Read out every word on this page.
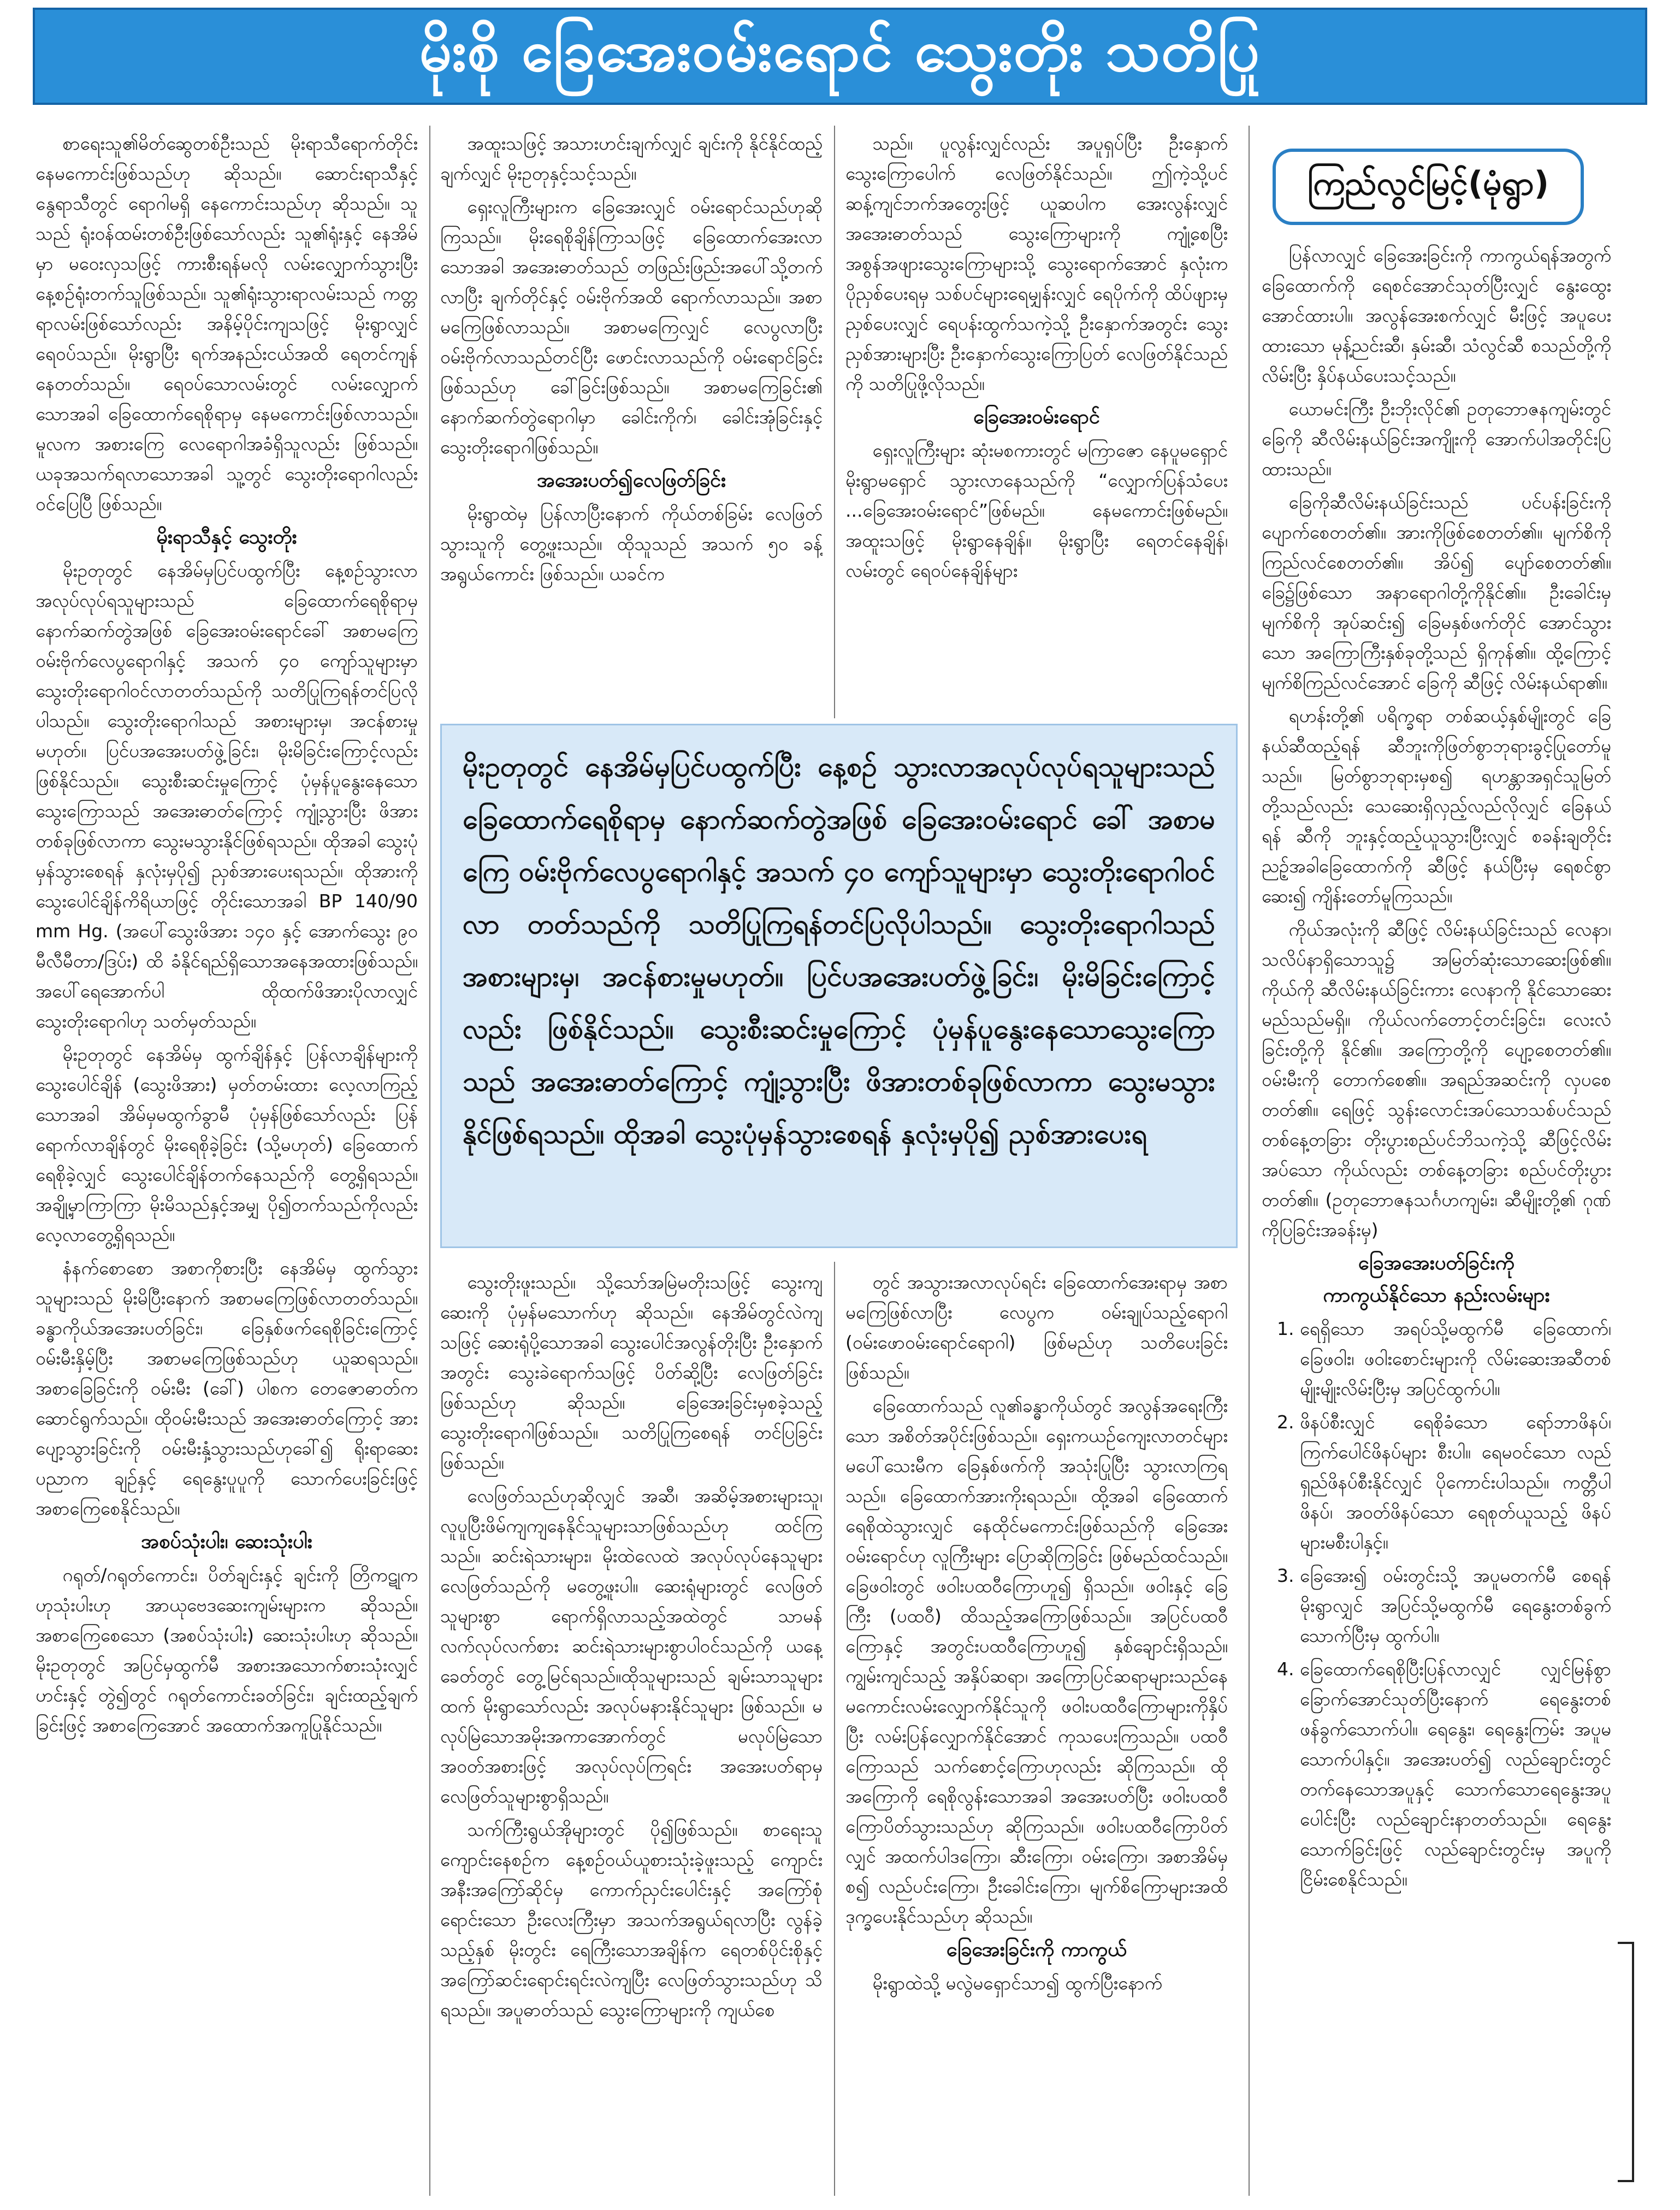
မိုးစို ခြေအေးဝမ်းရောင် သွေးတိုး သတိပြု
ကြည်လွင်မြင့်(မုံရွာ)

စာရေးသူ၏မိတ်ဆွေတစ်ဦးသည် မိုးရာသီရောက်တိုင်း နေမကောင်းဖြစ်သည်ဟု ဆိုသည်။ ဆောင်းရာသီနှင့် နွေရာသီတွင် ရောဂါမရှိ နေကောင်းသည်ဟု ဆိုသည်။ သူသည် ရုံးဝန်ထမ်းတစ်ဦးဖြစ်သော်လည်း သူ၏ရုံးနှင့် နေအိမ်မှာ မဝေးလှသဖြင့် ကားစီးရန်မလို လမ်းလျှောက်သွားပြီး နေ့စဉ်ရုံးတက်သူဖြစ်သည်။ သူ၏ရုံးသွားရာလမ်းသည် ကတ္တရာလမ်းဖြစ်သော်လည်း အနိမ့်ပိုင်းကျသဖြင့် မိုးရွာလျှင် ရေဝပ်သည်။ မိုးရွာပြီး ရက်အနည်းငယ်အထိ ရေတင်ကျန်နေတတ်သည်။ ရေဝပ်သောလမ်းတွင် လမ်းလျှောက်သောအခါ ခြေထောက်ရေစိုရာမှ နေမကောင်းဖြစ်လာသည်။ မူလက အစားကြေ လေရောဂါအခံရှိသူလည်း ဖြစ်သည်။ ယခုအသက်ရလာသောအခါ သူ့တွင် သွေးတိုးရောဂါလည်း ဝင်ပြေပြီ ဖြစ်သည်။

မိုးရာသီနှင့် သွေးတိုး

မိုးဥတုတွင် နေအိမ်မှပြင်ပထွက်ပြီး နေ့စဉ်သွားလာအလုပ်လုပ်ရသူများသည် ခြေထောက်ရေစိုရာမှ နောက်ဆက်တွဲအဖြစ် ခြေအေးဝမ်းရောင်ခေါ် အစာမကြေ ဝမ်းဗိုက်လေပွရောဂါနှင့် အသက် ၄၀ ကျော်သူများမှာ သွေးတိုးရောဂါဝင်လာတတ်သည်ကို သတိပြုကြရန်တင်ပြလိုပါသည်။ သွေးတိုးရောဂါသည် အစားများမှ၊ အငန်စားမှုမဟုတ်။ ပြင်ပအအေးပတ်ဖွဲ့ခြင်း၊ မိုးမိခြင်းကြောင့်လည်း ဖြစ်နိုင်သည်။ သွေးစီးဆင်းမှုကြောင့် ပုံမှန်ပူနွေးနေသော သွေးကြောသည် အအေးဓာတ်ကြောင့် ကျုံ့သွားပြီး ဖိအားတစ်ခုဖြစ်လာကာ သွေးမသွားနိုင်ဖြစ်ရသည်။ ထိုအခါ သွေးပုံမှန်သွားစေရန် နှလုံးမှပို၍ ညှစ်အားပေးရသည်။ ထိုအားကို သွေးပေါင်ချိန်ကိရိယာဖြင့် တိုင်းသောအခါ BP 140/90 mm Hg. (အပေါ်သွေးဖိအား ၁၄၀ နှင့် အောက်သွေး ၉၀ မီလီမီတာ/ဒြပ်း) ထိ ခံနိုင်ရည်ရှိသောအနေအထားဖြစ်သည်။ အပေါ်ရေအောက်ပါ ထိုထက်ဖိအားပိုလာလျှင် သွေးတိုးရောဂါဟု သတ်မှတ်သည်။

မိုးဥတုတွင် နေအိမ်မှ ထွက်ချိန်နှင့် ပြန်လာချိန်များကို သွေးပေါင်ချိန် (သွေးဖိအား) မှတ်တမ်းထား လေ့လာကြည့်သောအခါ အိမ်မှမထွက်ခွာမီ ပုံမှန်ဖြစ်သော်လည်း ပြန်ရောက်လာချိန်တွင် မိုးရေစိုခဲ့ခြင်း (သို့မဟုတ်) ခြေထောက်ရေစိုခဲ့လျှင် သွေးပေါင်ချိန်တက်နေသည်ကို တွေ့ရှိရသည်။ အချို့မှာကြာကြာ မိုးမိသည်နှင့်အမျှ ပို၍တက်သည်ကိုလည်း လေ့လာတွေ့ရှိရသည်။

နံနက်စောစော အစာကိုစားပြီး နေအိမ်မှ ထွက်သွားသူများသည် မိုးမိပြီးနောက် အစာမကြေဖြစ်လာတတ်သည်။ ခန္ဓာကိုယ်အအေးပတ်ခြင်း၊ ခြေနှစ်ဖက်ရေစိုခြင်းကြောင့် ဝမ်းမီးနှိမ့်ပြီး အစာမကြေဖြစ်သည်ဟု ယူဆရသည်။ အစာခြေခြင်းကို ဝမ်းမီး (ခေါ်) ပါစက တေဇောဓာတ်က ဆောင်ရွက်သည်။ ထိုဝမ်းမီးသည် အအေးဓာတ်ကြောင့် အားပျော့သွားခြင်းကို ဝမ်းမီးနှံ့သွားသည်ဟုခေါ်၍ ရိုးရာဆေးပညာက ချဉ်နှင့် ရေနွေးပူပူကို သောက်ပေးခြင်းဖြင့် အစာကြေစေနိုင်သည်။

အစပ်သုံးပါး၊ ဆေးသုံးပါး

ဂရုတ်/ဂရုတ်ကောင်း၊ ပိတ်ချင်းနှင့် ချင်းကို တြိကဋုကဟုသုံးပါးဟု အာယုဗေဒဆေးကျမ်းများက ဆိုသည်။ အစာကြေစေသော (အစပ်သုံးပါး) ဆေးသုံးပါးဟု ဆိုသည်။ မိုးဥတုတွင် အပြင်မှထွက်မီ အစားအသောက်စားသုံးလျှင် ဟင်းနှင့် တွဲ၍တွင် ဂရုတ်ကောင်းခတ်ခြင်း၊ ချင်းထည့်ချက်ခြင်းဖြင့် အစာကြေအောင် အထောက်အကူပြုနိုင်သည်။

အထူးသဖြင့် အသားဟင်းချက်လျှင် ချင်းကို နိုင်နိုင်ထည့်ချက်လျှင် မိုးဥတုနှင့်သင့်သည်။

ရှေးလူကြီးများက ခြေအေးလျှင် ဝမ်းရောင်သည်ဟုဆိုကြသည်။ မိုးရေစိုချိန်ကြာသဖြင့် ခြေထောက်အေးလာသောအခါ အအေးဓာတ်သည် တဖြည်းဖြည်းအပေါ်သို့တက်လာပြီး ချက်တိုင်နှင့် ဝမ်းဗိုက်အထိ ရောက်လာသည်။ အစာမကြေဖြစ်လာသည်။ အစာမကြေလျှင် လေပွလာပြီး ဝမ်းဗိုက်လာသည်တင်ပြီး ဖောင်းလာသည်ကို ဝမ်းရောင်ခြင်းဖြစ်သည်ဟု ခေါ်ခြင်းဖြစ်သည်။ အစာမကြေခြင်း၏ နောက်ဆက်တွဲရောဂါမှာ ခေါင်းကိုက်၊ ခေါင်းအုံခြင်းနှင့် သွေးတိုးရောဂါဖြစ်သည်။

အအေးပတ်၍လေဖြတ်ခြင်း

မိုးရွာထဲမှ ပြန်လာပြီးနောက် ကိုယ်တစ်ခြမ်း လေဖြတ်သွားသူကို တွေ့ဖူးသည်။ ထိုသူသည် အသက် ၅၀ ခန့် အရွယ်ကောင်း ဖြစ်သည်။ ယခင်က

သည်။ ပူလွန်းလျှင်လည်း အပူရှပ်ပြီး ဦးနှောက်သွေးကြောပေါက် လေဖြတ်နိုင်သည်။ ဤကဲ့သို့ပင် ဆန့်ကျင်ဘက်အတွေးဖြင့် ယူဆပါက အေးလွန်းလျှင် အအေးဓာတ်သည် သွေးကြောများကို ကျုံ့စေပြီး အစွန်အဖျားသွေးကြောများသို့ သွေးရောက်အောင် နှလုံးက ပိုညှစ်ပေးရမှ သစ်ပင်များရေမျှန်းလျှင် ရေပိုက်ကို ထိပ်ဖျားမှညှစ်ပေးလျှင် ရေပန်းထွက်သကဲ့သို့ ဦးနှောက်အတွင်း သွေးညှစ်အားများပြီး ဦးနှောက်သွေးကြောပြတ် လေဖြတ်နိုင်သည်ကို သတိပြုဖို့လိုသည်။

ခြေအေးဝမ်းရောင်

ရှေးလူကြီးများ ဆုံးမစကားတွင် မကြာဇော နေပူမရှောင် မိုးရွာမရှောင် သွားလာနေသည်ကို “လျှောက်ပြန်သံပေး ...ခြေအေးဝမ်းရောင်”ဖြစ်မည်။ နေမကောင်းဖြစ်မည်။ အထူးသဖြင့် မိုးရွာနေချိန်။ မိုးရွာပြီး ရေတင်နေချိန်၊ လမ်းတွင် ရေဝပ်နေချိန်များ

မိုးဥတုတွင် နေအိမ်မှပြင်ပထွက်ပြီး နေ့စဉ် သွားလာအလုပ်လုပ်ရသူများသည် ခြေထောက်ရေစိုရာမှ နောက်ဆက်တွဲအဖြစ် ခြေအေးဝမ်းရောင် ခေါ် အစာမကြေ ဝမ်းဗိုက်လေပွရောဂါနှင့် အသက် ၄၀ ကျော်သူများမှာ သွေးတိုးရောဂါဝင်လာ တတ်သည်ကို သတိပြုကြရန်တင်ပြလိုပါသည်။ သွေးတိုးရောဂါသည် အစားများမှ၊ အငန်စားမှုမဟုတ်။ ပြင်ပအအေးပတ်ဖွဲ့ခြင်း၊ မိုးမိခြင်းကြောင့်လည်း ဖြစ်နိုင်သည်။ သွေးစီးဆင်းမှုကြောင့် ပုံမှန်ပူနွေးနေသောသွေးကြောသည် အအေးဓာတ်ကြောင့် ကျုံ့သွားပြီး ဖိအားတစ်ခုဖြစ်လာကာ သွေးမသွား နိုင်ဖြစ်ရသည်။ ထိုအခါ သွေးပုံမှန်သွားစေရန် နှလုံးမှပို၍ ညှစ်အားပေးရ

သွေးတိုးဖူးသည်။ သို့သော်အမြဲမတိုးသဖြင့် သွေးကျဆေးကို ပုံမှန်မသောက်ဟု ဆိုသည်။ နေအိမ်တွင်လဲကျသဖြင့် ဆေးရုံပို့သောအခါ သွေးပေါင်အလွန်တိုးပြီး ဦးနှောက်အတွင်း သွေးခဲရောက်သဖြင့် ပိတ်ဆို့ပြီး လေဖြတ်ခြင်းဖြစ်သည်ဟု ဆိုသည်။ ခြေအေးခြင်းမှစခဲ့သည့် သွေးတိုးရောဂါဖြစ်သည်။ သတိပြုကြစေရန် တင်ပြခြင်းဖြစ်သည်။

လေဖြတ်သည်ဟုဆိုလျှင် အဆီ၊ အဆိမ့်အစားများသူ၊ လူပူပြီးဖိမ်ကျကျနေနိုင်သူများသာဖြစ်သည်ဟု ထင်ကြသည်။ ဆင်းရဲသားများ၊ မိုးထဲလေထဲ အလုပ်လုပ်နေသူများ လေဖြတ်သည်ကို မတွေ့ဖူးပါ။ ဆေးရုံများတွင် လေဖြတ်သူများစွာ ရောက်ရှိလာသည့်အထဲတွင် သာမန်လက်လုပ်လက်စား ဆင်းရဲသားများစွာပါဝင်သည်ကို ယနေ့ခေတ်တွင် တွေ့မြင်ရသည်။ထိုသူများသည် ချမ်းသာသူများထက် မိုးရွာသော်လည်း အလုပ်မနားနိုင်သူများ ဖြစ်သည်။ မလုပ်မြဲသောအမိုးအကာအောက်တွင် မလုပ်မြဲသော အဝတ်အစားဖြင့် အလုပ်လုပ်ကြရင်း အအေးပတ်ရာမှ လေဖြတ်သူများစွာရှိသည်။

သက်ကြီးရွယ်အိုများတွင် ပို၍ဖြစ်သည်။ စာရေးသူကျောင်းနေစဉ်က နေ့စဉ်ဝယ်ယူစားသုံးခဲ့ဖူးသည့် ကျောင်းအနီးအကြော်ဆိုင်မှ ကောက်ညှင်းပေါင်းနှင့် အကြော်စုံရောင်းသော ဦးလေးကြီးမှာ အသက်အရွယ်ရလာပြီး လွန်ခဲ့သည့်နှစ် မိုးတွင်း ရေကြီးသောအချိန်က ရေတစ်ပိုင်းစိုနှင့် အကြော်ဆင်းရောင်းရင်းလဲကျပြီး လေဖြတ်သွားသည်ဟု သိရသည်။ အပူဓာတ်သည် သွေးကြောများကို ကျယ်စေ

တွင် အသွားအလာလုပ်ရင်း ခြေထောက်အေးရာမှ အစာမကြေဖြစ်လာပြီး လေပွက ဝမ်းချုပ်သည့်ရောဂါ (ဝမ်းဖောဝမ်းရောင်ရောဂါ) ဖြစ်မည်ဟု သတိပေးခြင်းဖြစ်သည်။

ခြေထောက်သည် လူ၏ခန္ဓာကိုယ်တွင် အလွန်အရေးကြီးသော အစိတ်အပိုင်းဖြစ်သည်။ ရှေးကယဉ်ကျေးလာတင်များမပေါ်သေးမီက ခြေနှစ်ဖက်ကို အသုံးပြုပြီး သွားလာကြရသည်။ ခြေထောက်အားကိုးရသည်။ ထို့အခါ ခြေထောက်ရေစိုထဲသွားလျှင် နေထိုင်မကောင်းဖြစ်သည်ကို ခြေအေးဝမ်းရောင်ဟု လူကြီးများ ပြောဆိုကြခြင်း ဖြစ်မည်ထင်သည်။ ခြေဖဝါးတွင် ဖဝါးပထဝီကြောဟူ၍ ရှိသည်။ ဖဝါးနှင့် ခြေကြီး (ပထဝီ) ထိသည့်အကြောဖြစ်သည်။ အပြင်ပထဝီ ကြောနှင့် အတွင်းပထဝီကြောဟူ၍ နှစ်ချောင်းရှိသည်။ ကျွမ်းကျင်သည့် အနှိပ်ဆရာ၊ အကြောပြင်ဆရာများသည်နေမကောင်းလမ်းလျှောက်နိုင်သူကို ဖဝါးပထဝီကြောများကိုနှိပ်ပြီး လမ်းပြန်လျှောက်နိုင်အောင် ကုသပေးကြသည်။ ပထဝီကြောသည် သက်စောင့်ကြောဟုလည်း ဆိုကြသည်။ ထိုအကြောကို ရေစိုလွန်းသောအခါ အအေးပတ်ပြီး ဖဝါးပထဝီကြောပိတ်သွားသည်ဟု ဆိုကြသည်။ ဖဝါးပထဝီကြောပိတ်လျှင် အထက်ပါဒကြော၊ ဆီးကြော၊ ဝမ်းကြော၊ အစာအိမ်မှစ၍ လည်ပင်းကြော၊ ဦးခေါင်းကြော၊ မျက်စိကြောများအထိ ဒုက္ခပေးနိုင်သည်ဟု ဆိုသည်။

ခြေအေးခြင်းကို ကာကွယ်

မိုးရွာထဲသို့ မလွဲမရှောင်သာ၍ ထွက်ပြီးနောက်

ပြန်လာလျှင် ခြေအေးခြင်းကို ကာကွယ်ရန်အတွက် ခြေထောက်ကို ရေစင်အောင်သုတ်ပြီးလျှင် နွေးထွေးအောင်ထားပါ။ အလွန်အေးစက်လျှင် မီးဖြင့် အပူပေးထားသော မုန့်ညင်းဆီ၊ နှမ်းဆီ၊ သံလွင်ဆီ စသည်တို့ကိုလိမ်းပြီး နှိပ်နယ်ပေးသင့်သည်။

ယောမင်းကြီး ဦးဘိုးလိုင်၏ ဥတုဘောဇနကျမ်းတွင် ခြေကို ဆီလိမ်းနယ်ခြင်းအကျိုးကို အောက်ပါအတိုင်းပြထားသည်။

ခြေကိုဆီလိမ်းနယ်ခြင်းသည် ပင်ပန်းခြင်းကို ပျောက်စေတတ်၏။ အားကိုဖြစ်စေတတ်၏။ မျက်စိကိုကြည်လင်စေတတ်၏။ အိပ်၍ ပျော်စေတတ်၏။ ခြေ၌ဖြစ်သော အနာရောဂါတို့ကိုနိုင်၏။ ဦးခေါင်းမှမျက်စိကို အုပ်ဆင်း၍ ခြေမနှစ်ဖက်တိုင် အောင်သွားသော အကြောကြီးနှစ်ခုတို့သည် ရှိကုန်၏။ ထို့ကြောင့် မျက်စိကြည်လင်အောင် ခြေကို ဆီဖြင့် လိမ်းနယ်ရာ၏။

ရဟန်းတို့၏ ပရိက္ခရာ တစ်ဆယ့်နှစ်မျိုးတွင် ခြေနယ်ဆီထည့်ရန် ဆီဘူးကိုဖြတ်စွာဘုရားခွင့်ပြုတော်မူသည်။ မြတ်စွာဘုရားမှစ၍ ရဟန္တာအရှင်သူမြတ်တို့သည်လည်း သေဆေးရှိလှည့်လည်လိုလျှင် ခြေနယ်ရန် ဆီကို ဘူးနှင့်ထည့်ယူသွားပြီးလျှင် စခန်းချတိုင်း ညဉ့်အခါခြေထောက်ကို ဆီဖြင့် နယ်ပြီးမှ ရေစင်စွာဆေး၍ ကျိန်းတော်မူကြသည်။

ကိုယ်အလုံးကို ဆီဖြင့် လိမ်းနယ်ခြင်းသည် လေနာ၊ သလိပ်နာရှိသောသူ၌ အမြတ်ဆုံးသောဆေးဖြစ်၏။ ကိုယ်ကို ဆီလိမ်းနယ်ခြင်းကား လေနာကို နိုင်သောဆေးမည်သည်မရှိ။ ကိုယ်လက်တောင့်တင်းခြင်း၊ လေးလံခြင်းတို့ကို နိုင်၏။ အကြောတို့ကို ပျော့စေတတ်၏။ ဝမ်းမီးကို တောက်စေ၏။ အရည်အဆင်းကို လှပစေတတ်၏။ ရေဖြင့် သွန်းလောင်းအပ်သောသစ်ပင်သည် တစ်နေ့တခြား တိုးပွားစည်ပင်ဘိသကဲ့သို့ ဆီဖြင့်လိမ်းအပ်သော ကိုယ်လည်း တစ်နေ့တခြား စည်ပင်တိုးပွားတတ်၏။ (ဥတုဘောဇနသင်္ဂဟကျမ်း၊ ဆီမျိုးတို့၏ ဂုဏ်ကိုပြခြင်းအခန်းမှ)

ခြေအအေးပတ်ခြင်းကို
ကာကွယ်နိုင်သော နည်းလမ်းများ
1. ရေရှိသော အရပ်သို့မထွက်မီ ခြေထောက်၊ ခြေဖဝါး၊ ဖဝါးစောင်းများကို လိမ်းဆေးအဆီတစ်မျိုးမျိုးလိမ်းပြီးမှ အပြင်ထွက်ပါ။
2. ဖိနပ်စီးလျှင် ရေစိုခံသော ရော်ဘာဖိနပ်၊ ကြက်ပေါင်ဖိနပ်များ စီးပါ။ ရေမဝင်သော လည်ရှည်ဖိနပ်စီးနိုင်လျှင် ပိုကောင်းပါသည်။ ကတ္တီပါဖိနပ်၊ အဝတ်ဖိနပ်သော ရေစုတ်ယူသည့် ဖိနပ်များမစီးပါနှင့်။
3. ခြေအေး၍ ဝမ်းတွင်းသို့ အပူမတက်မီ စေရန် မိုးရွာလျှင် အပြင်သို့မထွက်မီ ရေနွေးတစ်ခွက်သောက်ပြီးမှ ထွက်ပါ။
4. ခြေထောက်ရေစိုပြီးပြန်လာလျှင် လျှင်မြန်စွာ ခြောက်အောင်သုတ်ပြီးနောက် ရေနွေးတစ်ဖန်ခွက်သောက်ပါ။ ရေနွေး၊ ရေနွေးကြမ်း အပူမသောက်ပါနှင့်။ အအေးပတ်၍ လည်ချောင်းတွင် တက်နေသောအပူနှင့် သောက်သောရေနွေးအပူ ပေါင်းပြီး လည်ချောင်းနာတတ်သည်။ ရေနွေးသောက်ခြင်းဖြင့် လည်ချောင်းတွင်းမှ အပူကို ငြိမ်းစေနိုင်သည်။
